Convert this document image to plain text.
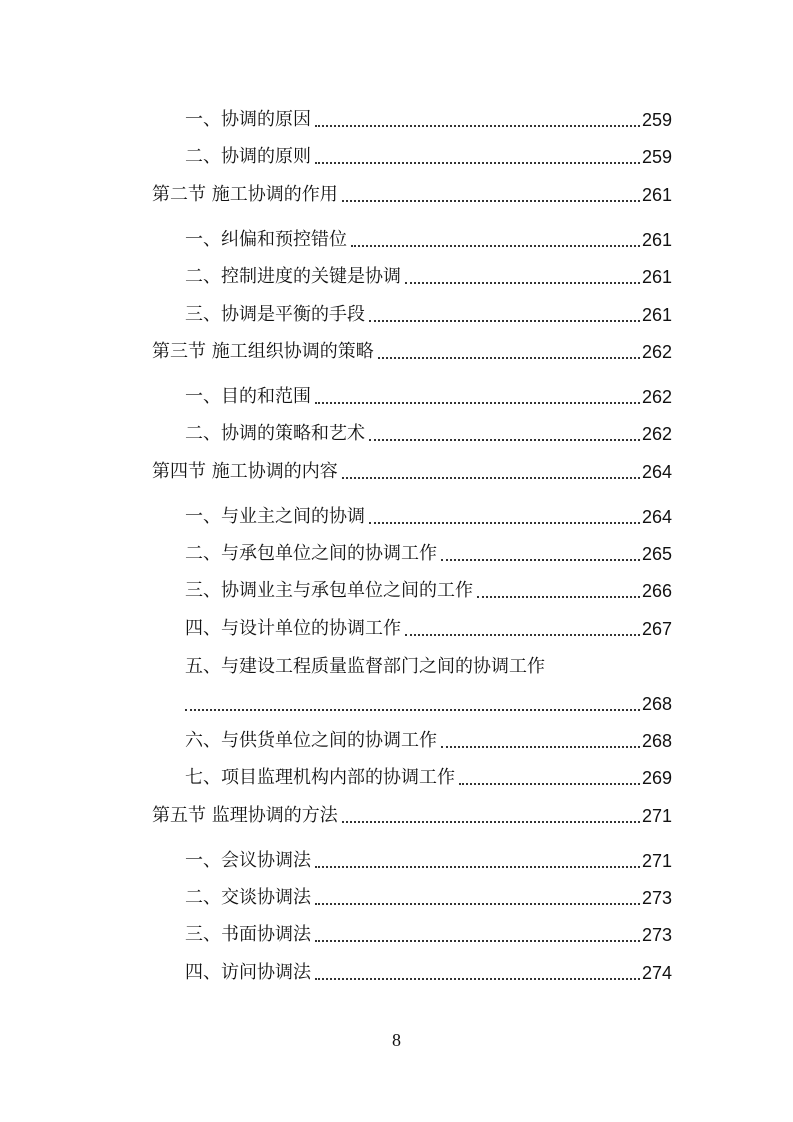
一、协调的原因	259
二、协调的原则	259
第二节 施工协调的作用	261
一、纠偏和预控错位	261
二、控制进度的关键是协调	261
三、协调是平衡的手段	261
第三节 施工组织协调的策略	262
一、目的和范围	262
二、协调的策略和艺术	262
第四节 施工协调的内容	264
一、与业主之间的协调	264
二、与承包单位之间的协调工作	265
三、协调业主与承包单位之间的工作	266
四、与设计单位的协调工作	267
五、与建设工程质量监督部门之间的协调工作
268
六、与供货单位之间的协调工作	268
七、项目监理机构内部的协调工作	269
第五节 监理协调的方法	271
一、会议协调法	271
二、交谈协调法	273
三、书面协调法	273
四、访问协调法	274
8
